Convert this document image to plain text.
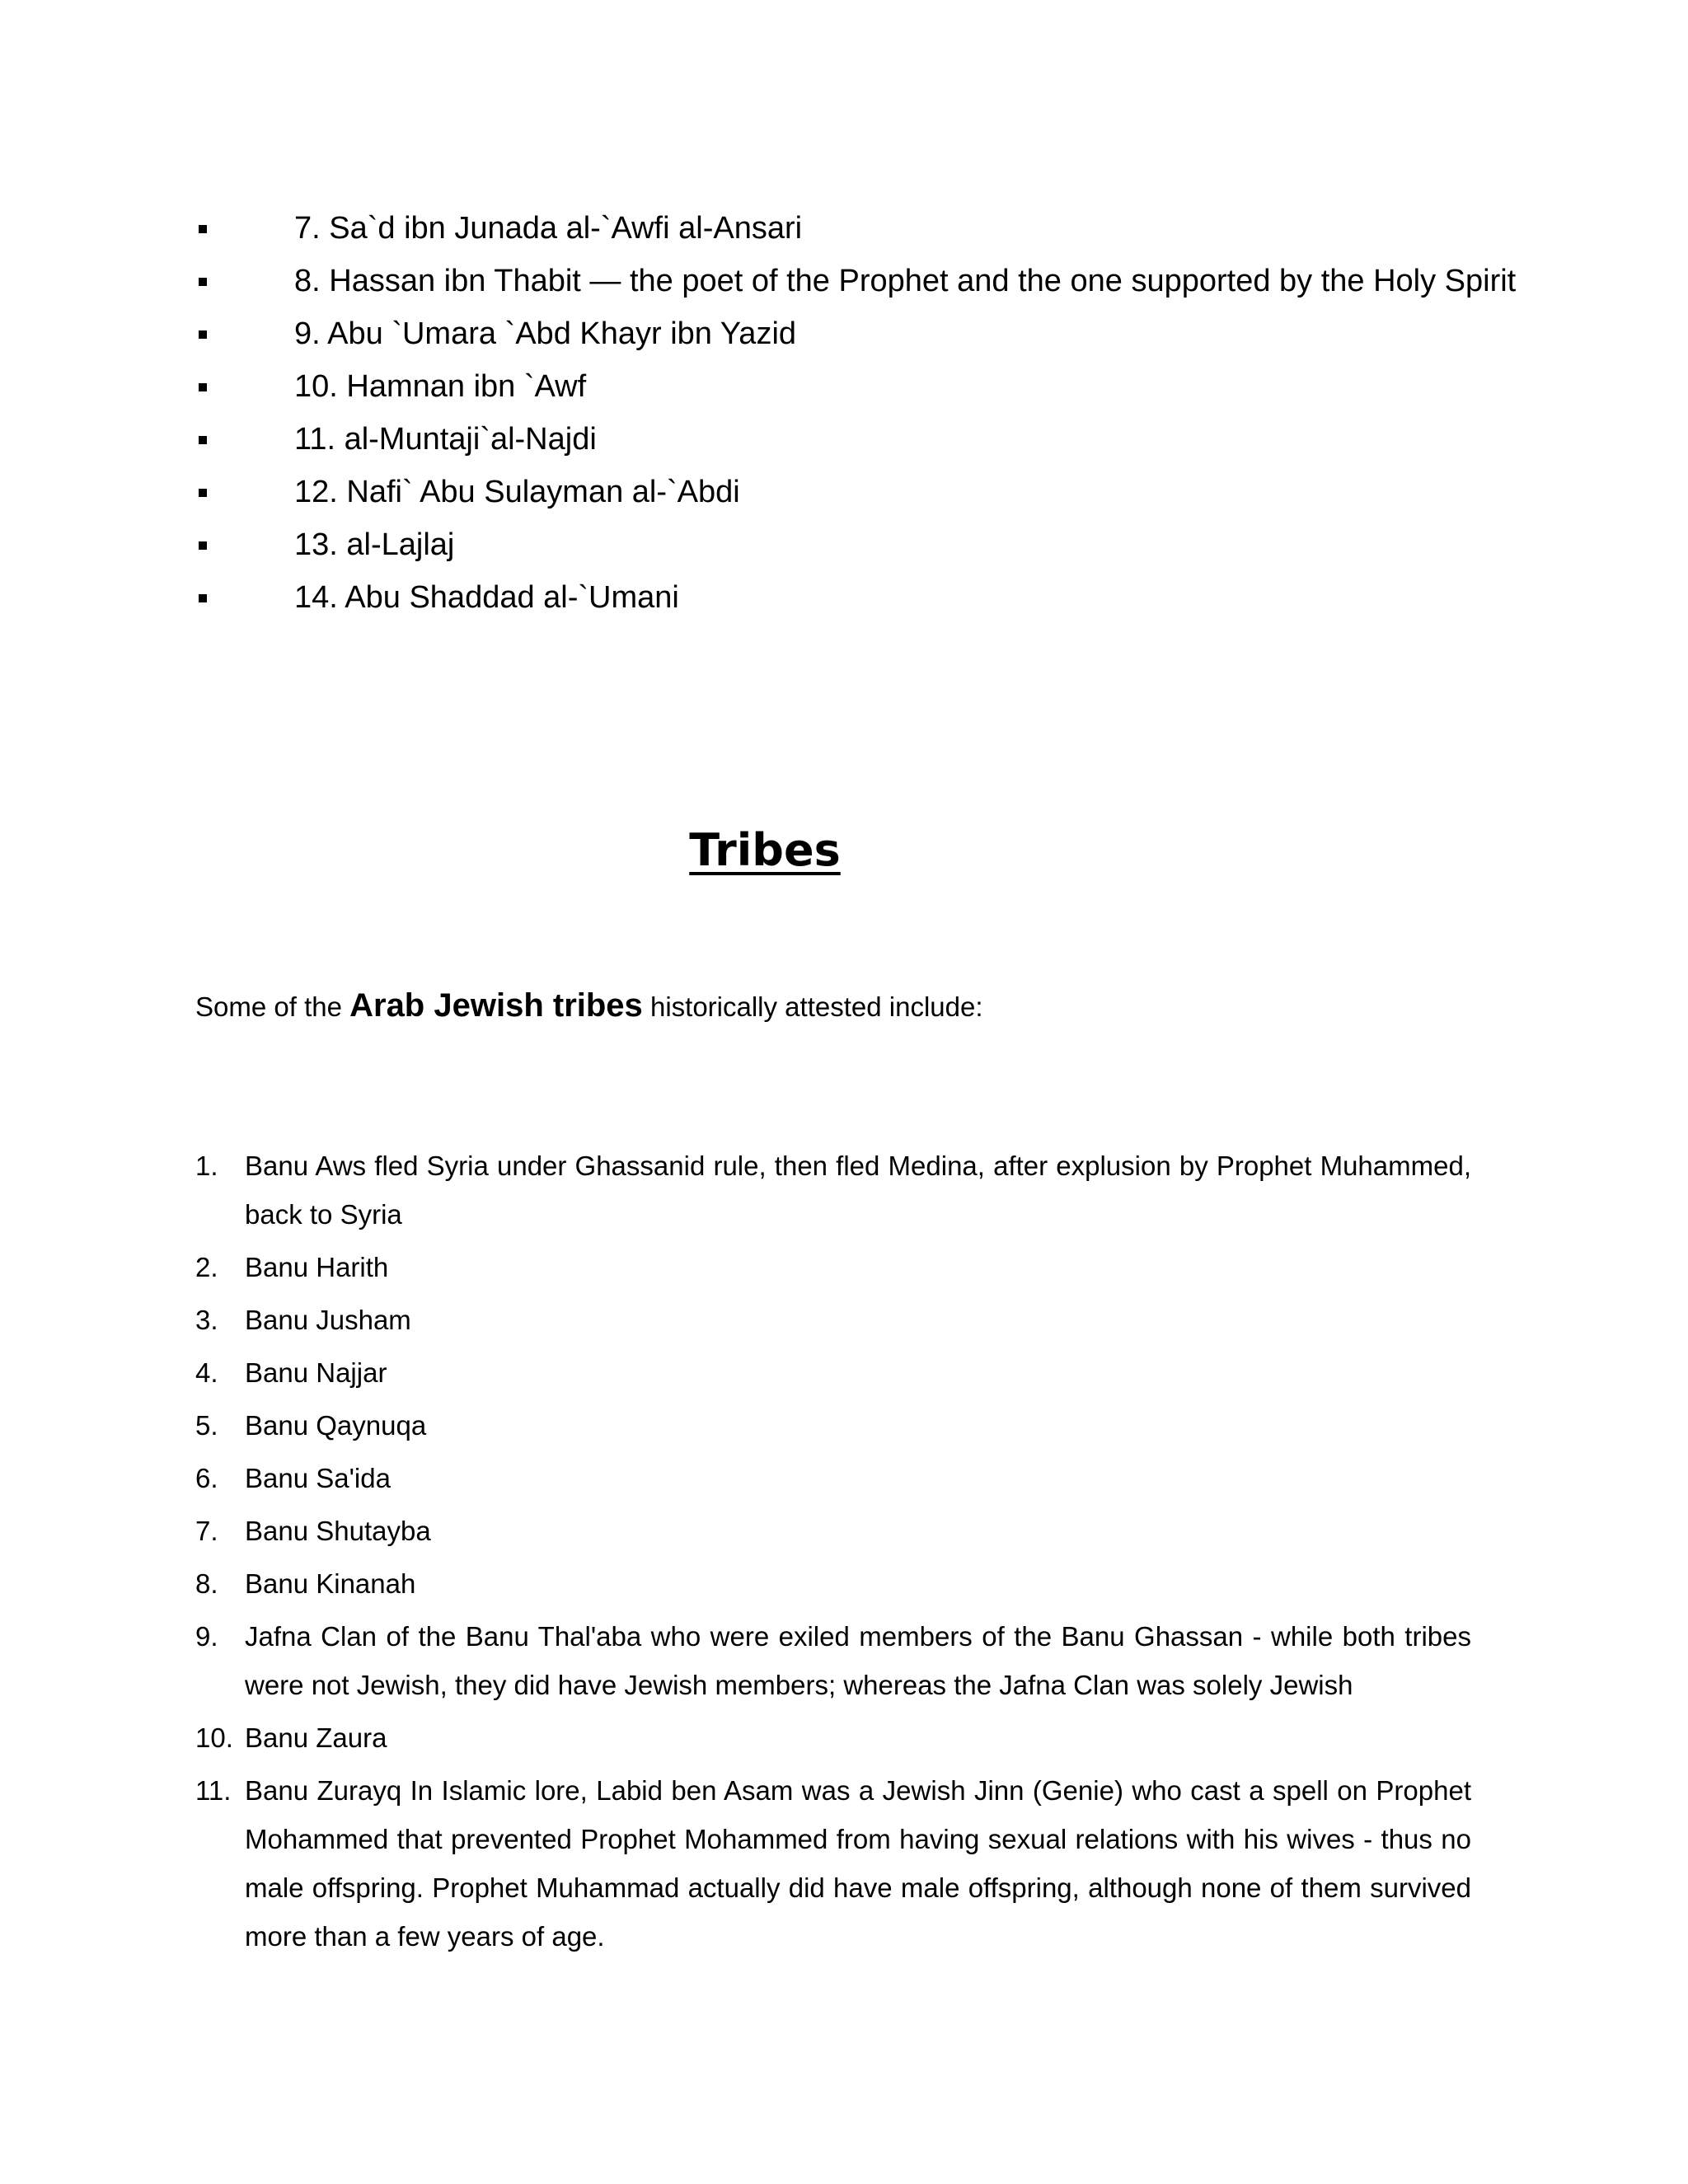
7. Sa`d ibn Junada al-`Awfi al-Ansari
8. Hassan ibn Thabit — the poet of the Prophet and the one supported by the Holy Spirit
9. Abu `Umara `Abd Khayr ibn Yazid
10. Hamnan ibn `Awf
11. al-Muntaji`al-Najdi
12. Nafi` Abu Sulayman al-`Abdi
13. al-Lajlaj
14. Abu Shaddad al-`Umani
Tribes

Some of the Arab Jewish tribes historically attested include:

1. Banu Aws fled Syria under Ghassanid rule, then fled Medina, after explusion by Prophet Muhammed, back to Syria
2. Banu Harith
3. Banu Jusham
4. Banu Najjar
5. Banu Qaynuqa
6. Banu Sa'ida
7. Banu Shutayba
8. Banu Kinanah
9. Jafna Clan of the Banu Thal'aba who were exiled members of the Banu Ghassan - while both tribes were not Jewish, they did have Jewish members; whereas the Jafna Clan was solely Jewish
10. Banu Zaura
11. Banu Zurayq In Islamic lore, Labid ben Asam was a Jewish Jinn (Genie) who cast a spell on Prophet Mohammed that prevented Prophet Mohammed from having sexual relations with his wives - thus no male offspring. Prophet Muhammad actually did have male offspring, although none of them survived more than a few years of age.
